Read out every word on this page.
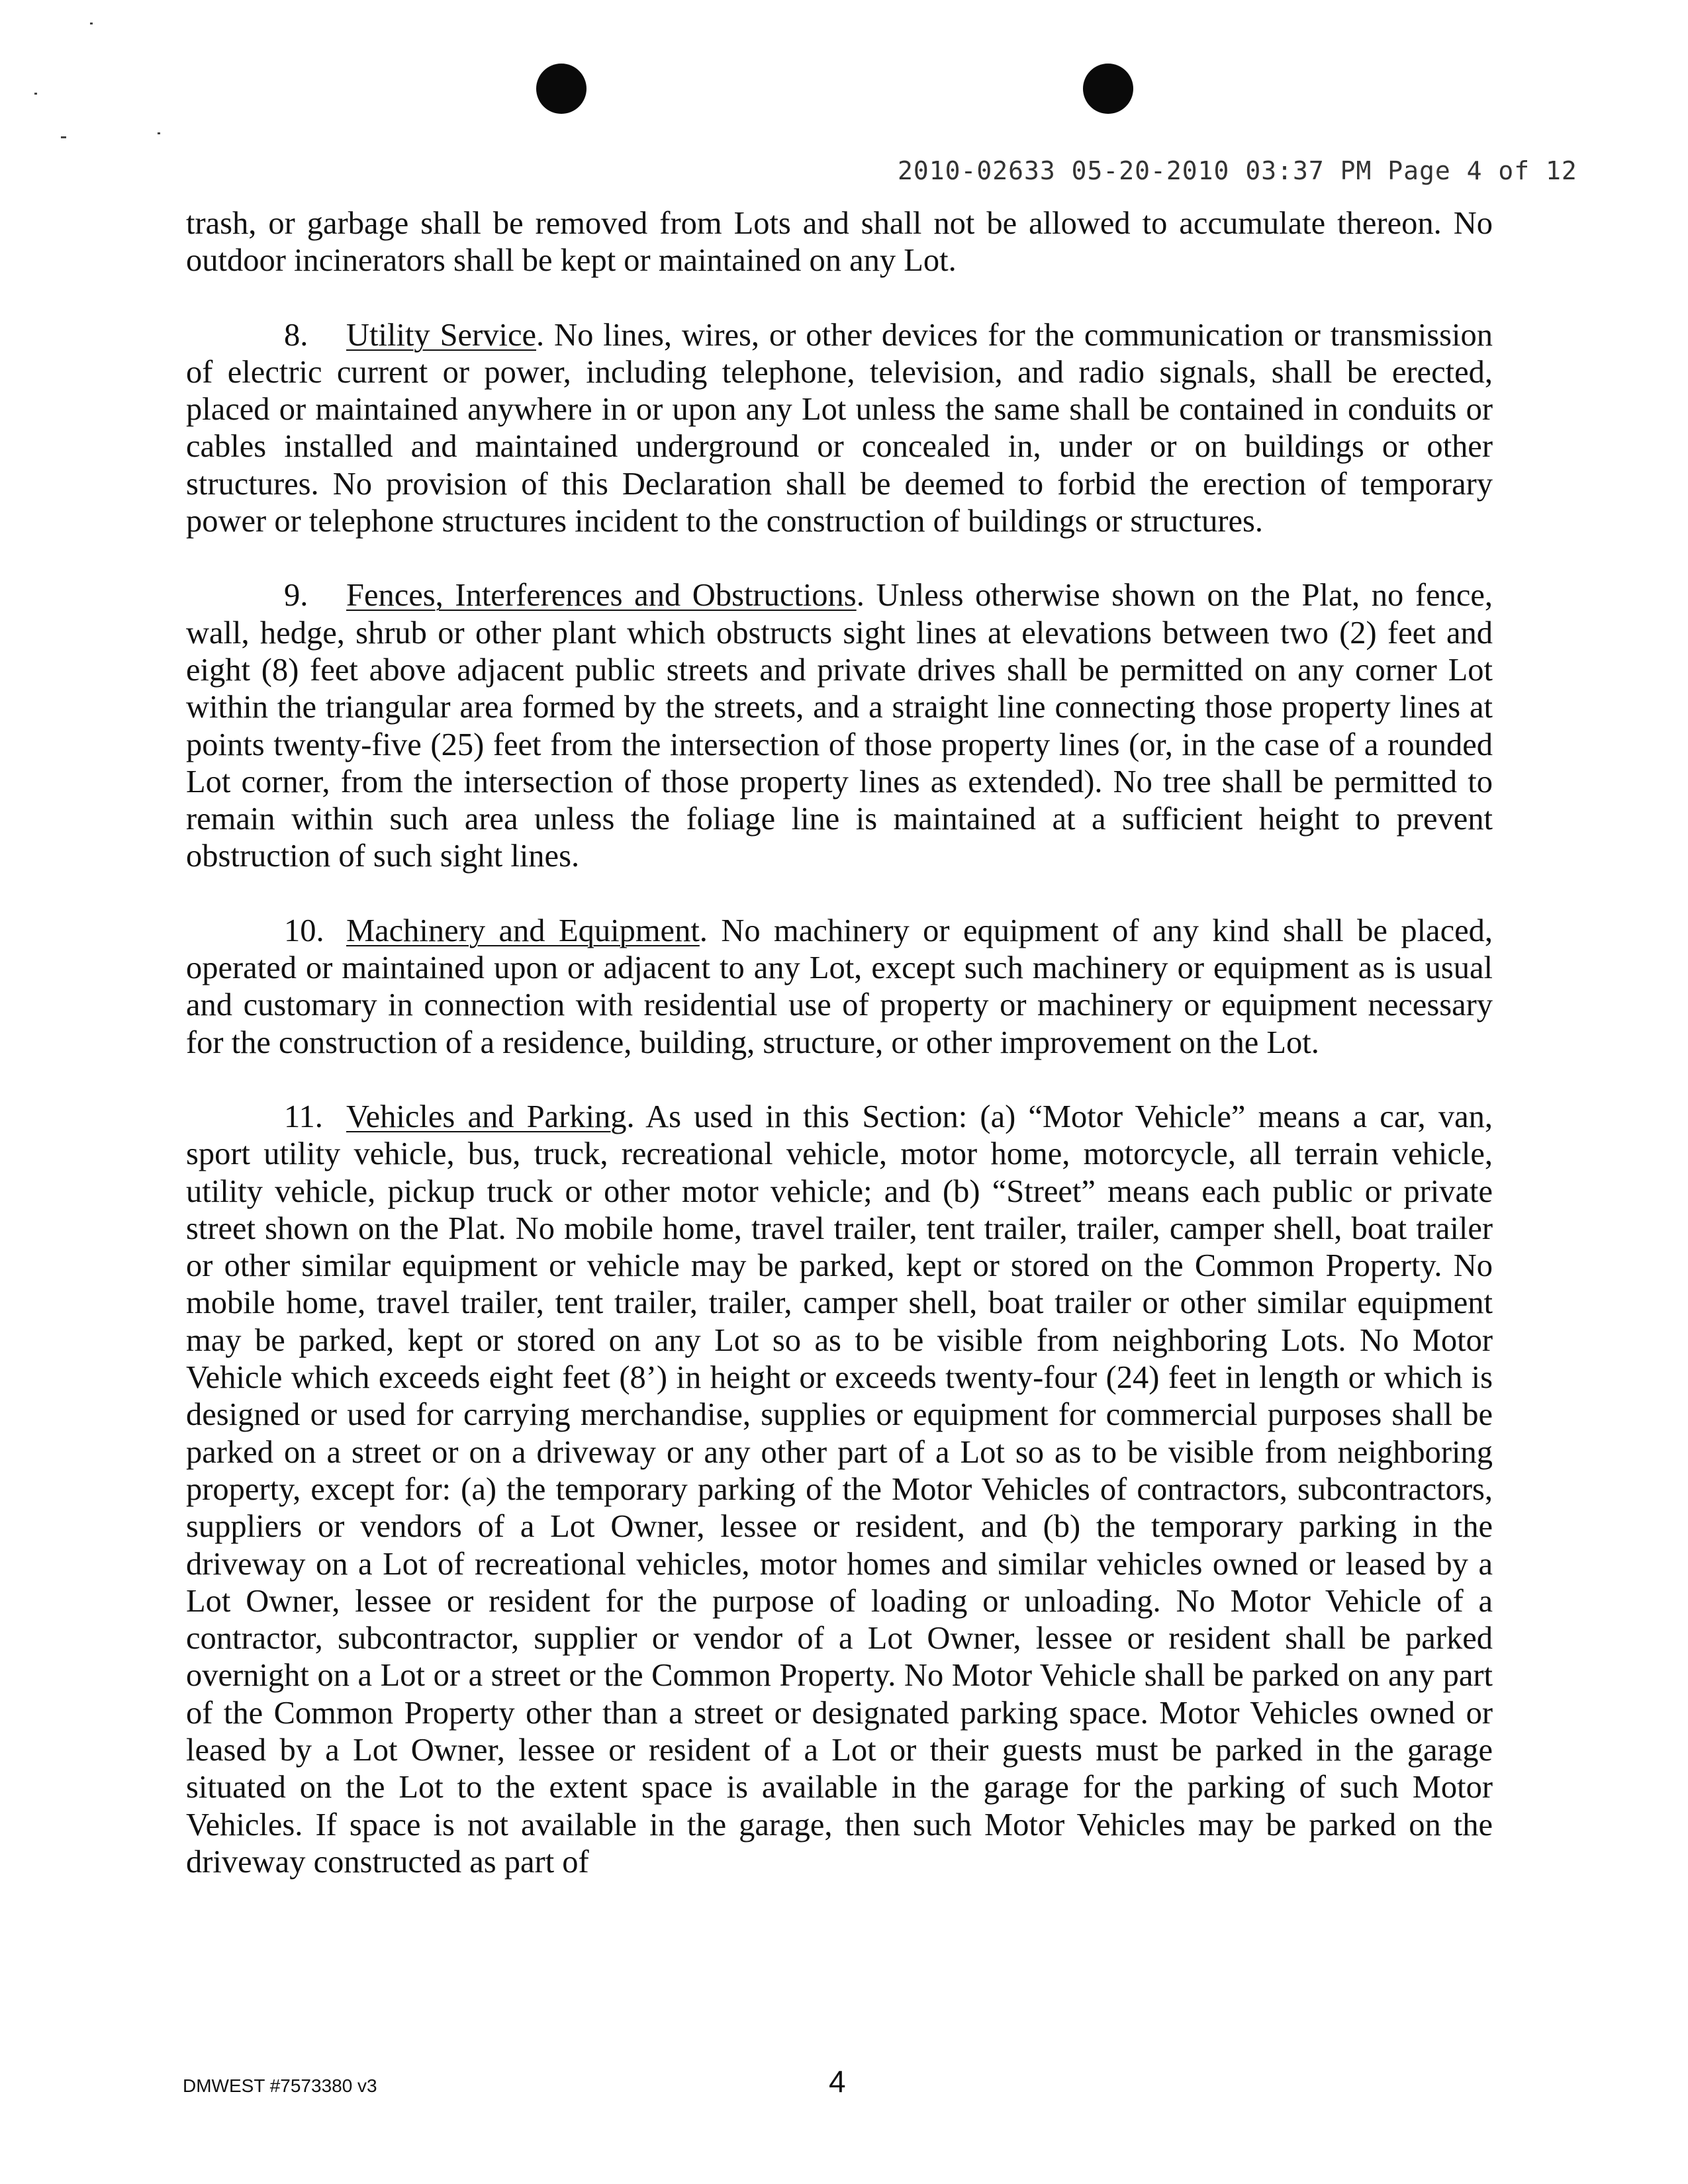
2010-02633 05-20-2010 03:37 PM Page 4 of 12

trash, or garbage shall be removed from Lots and shall not be allowed to accumulate thereon. No outdoor incinerators shall be kept or maintained on any Lot.

8. Utility Service. No lines, wires, or other devices for the communication or transmission of electric current or power, including telephone, television, and radio signals, shall be erected, placed or maintained anywhere in or upon any Lot unless the same shall be contained in conduits or cables installed and maintained underground or concealed in, under or on buildings or other structures. No provision of this Declaration shall be deemed to forbid the erection of temporary power or telephone structures incident to the construction of buildings or structures.

9. Fences, Interferences and Obstructions. Unless otherwise shown on the Plat, no fence, wall, hedge, shrub or other plant which obstructs sight lines at elevations between two (2) feet and eight (8) feet above adjacent public streets and private drives shall be permitted on any corner Lot within the triangular area formed by the streets, and a straight line connecting those property lines at points twenty-five (25) feet from the intersection of those property lines (or, in the case of a rounded Lot corner, from the intersection of those property lines as extended). No tree shall be permitted to remain within such area unless the foliage line is maintained at a sufficient height to prevent obstruction of such sight lines.

10. Machinery and Equipment. No machinery or equipment of any kind shall be placed, operated or maintained upon or adjacent to any Lot, except such machinery or equipment as is usual and customary in connection with residential use of property or machinery or equipment necessary for the construction of a residence, building, structure, or other improvement on the Lot.

11. Vehicles and Parking. As used in this Section: (a) “Motor Vehicle” means a car, van, sport utility vehicle, bus, truck, recreational vehicle, motor home, motorcycle, all terrain vehicle, utility vehicle, pickup truck or other motor vehicle; and (b) “Street” means each public or private street shown on the Plat. No mobile home, travel trailer, tent trailer, trailer, camper shell, boat trailer or other similar equipment or vehicle may be parked, kept or stored on the Common Property. No mobile home, travel trailer, tent trailer, trailer, camper shell, boat trailer or other similar equipment may be parked, kept or stored on any Lot so as to be visible from neighboring Lots. No Motor Vehicle which exceeds eight feet (8’) in height or exceeds twenty-four (24) feet in length or which is designed or used for carrying merchandise, supplies or equipment for commercial purposes shall be parked on a street or on a driveway or any other part of a Lot so as to be visible from neighboring property, except for: (a) the temporary parking of the Motor Vehicles of contractors, subcontractors, suppliers or vendors of a Lot Owner, lessee or resident, and (b) the temporary parking in the driveway on a Lot of recreational vehicles, motor homes and similar vehicles owned or leased by a Lot Owner, lessee or resident for the purpose of loading or unloading. No Motor Vehicle of a contractor, subcontractor, supplier or vendor of a Lot Owner, lessee or resident shall be parked overnight on a Lot or a street or the Common Property. No Motor Vehicle shall be parked on any part of the Common Property other than a street or designated parking space. Motor Vehicles owned or leased by a Lot Owner, lessee or resident of a Lot or their guests must be parked in the garage situated on the Lot to the extent space is available in the garage for the parking of such Motor Vehicles. If space is not available in the garage, then such Motor Vehicles may be parked on the driveway constructed as part of

DMWEST #7573380 v3	4
